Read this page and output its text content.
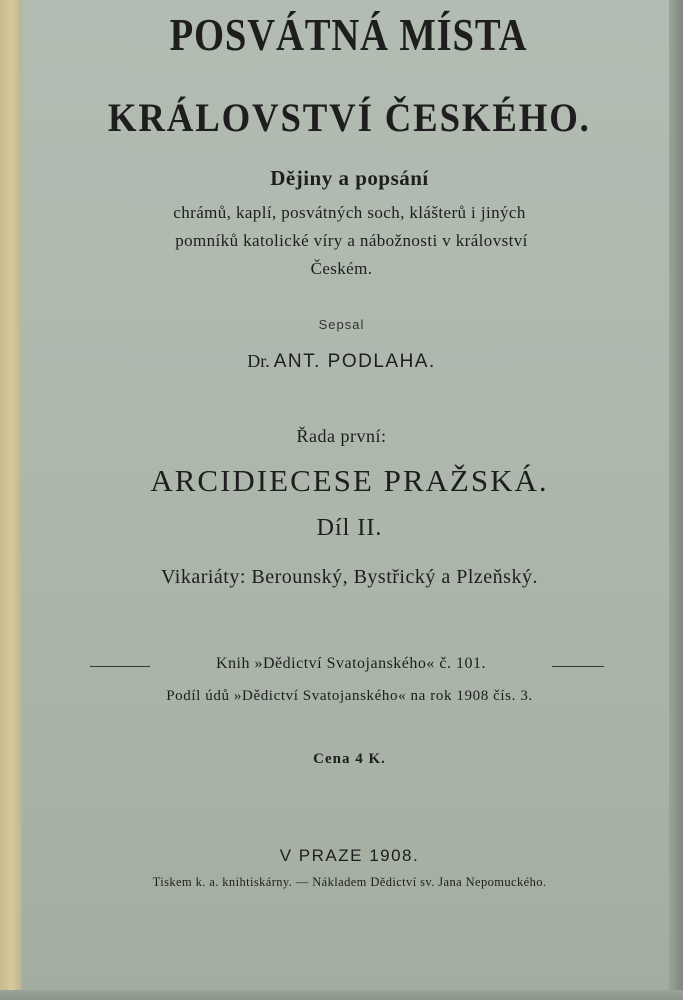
POSVÁTNÁ MÍSTA
KRÁLOVSTVÍ ČESKÉHO.

Dějiny a popsání

chrámů, kaplí, posvátných soch, klášterů i jiných

pomníků katolické víry a nábožnosti v království

Českém.

Sepsal

Dr. ANT. PODLAHA.

Řada první:

ARCIDIECESE PRAŽSKÁ.

Díl II.

Vikariáty: Berounský, Bystřický a Plzeňský.

Knih »Dědictví Svatojanského« č. 101.

Podíl údů »Dědictví Svatojanského« na rok 1908 čís. 3.

Cena 4 K.

V PRAZE 1908.

Tiskem k. a. knihtiskárny. — Nákladem Dědictví sv. Jana Nepomuckého.
